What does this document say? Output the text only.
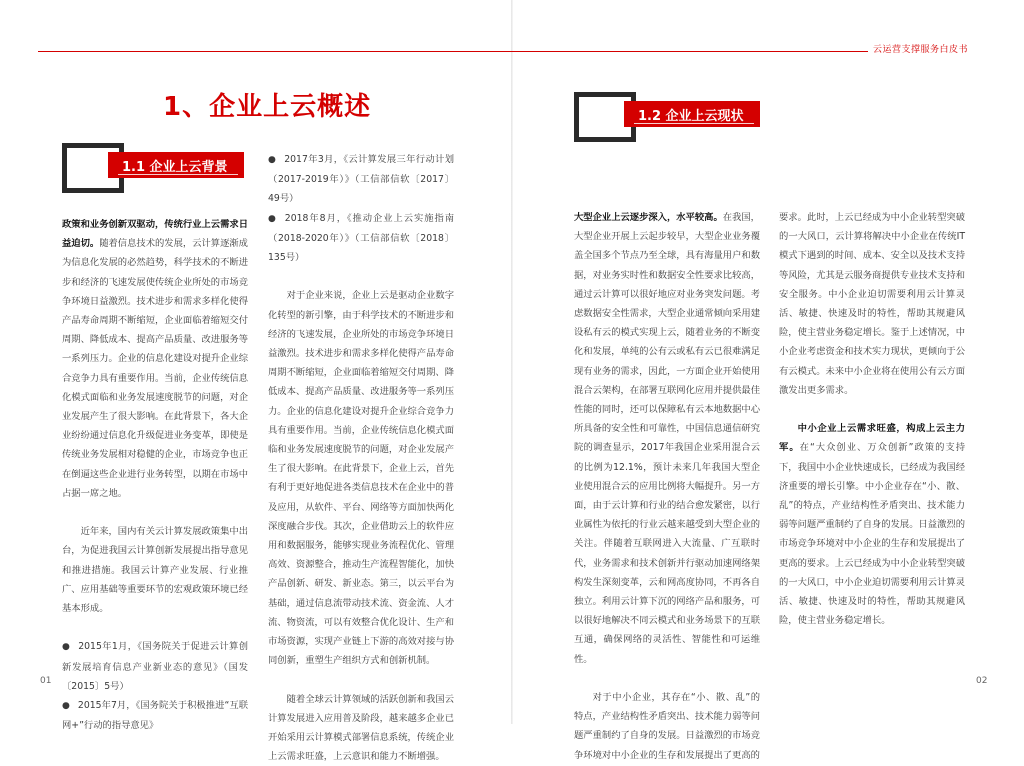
云运营支撑服务白皮书
1、企业上云概述
1.1 企业上云背景

政策和业务创新双驱动，传统行业上云需求日益迫切。随着信息技术的发展，云计算逐渐成为信息化发展的必然趋势，科学技术的不断进步和经济的飞速发展使传统企业所处的市场竞争环境日益激烈。技术进步和需求多样化使得产品寿命周期不断缩短，企业面临着缩短交付周期、降低成本、提高产品质量、改进服务等一系列压力。企业的信息化建设对提升企业综合竞争力具有重要作用。当前，企业传统信息化模式面临和业务发展速度脱节的问题，对企业发展产生了很大影响。在此背景下，各大企业纷纷通过信息化升级促进业务变革，即使是传统业务发展相对稳健的企业，市场竞争也正在倒逼这些企业进行业务转型，以期在市场中占据一席之地。

近年来，国内有关云计算发展政策集中出台，为促进我国云计算创新发展提出指导意见和推进措施。我国云计算产业发展、行业推广、应用基础等重要环节的宏观政策环境已经基本形成。

● 2015年1月，《国务院关于促进云计算创新发展培育信息产业新业态的意见》（国发〔2015〕5号）
● 2015年7月，《国务院关于积极推进“互联网+”行动的指导意见》
● 2017年3月，《云计算发展三年行动计划（2017-2019年）》（工信部信软〔2017〕49号）
● 2018年8月，《推动企业上云实施指南（2018-2020年）》（工信部信软〔2018〕135号）

对于企业来说，企业上云是驱动企业数字化转型的新引擎，由于科学技术的不断进步和经济的飞速发展，企业所处的市场竞争环境日益激烈。技术进步和需求多样化使得产品寿命周期不断缩短，企业面临着缩短交付周期、降低成本、提高产品质量、改进服务等一系列压力。企业的信息化建设对提升企业综合竞争力具有重要作用。当前，企业传统信息化模式面临和业务发展速度脱节的问题，对企业发展产生了很大影响。在此背景下，企业上云，首先有利于更好地促进各类信息技术在企业中的普及应用，从软件、平台、网络等方面加快两化深度融合步伐。其次，企业借助云上的软件应用和数据服务，能够实现业务流程优化、管理高效、资源整合，推动生产流程智能化，加快产品创新、研发、新业态。第三，以云平台为基础，通过信息流带动技术流、资金流、人才流、物资流，可以有效整合优化设计、生产和市场资源，实现产业链上下游的高效对接与协同创新，重塑生产组织方式和创新机制。

随着全球云计算领域的活跃创新和我国云计算发展进入应用普及阶段，越来越多企业已开始采用云计算模式部署信息系统，传统企业上云需求旺盛，上云意识和能力不断增强。

01
1.2 企业上云现状

大型企业上云逐步深入，水平较高。在我国，大型企业开展上云起步较早，大型企业业务覆盖全国多个节点乃至全球，具有海量用户和数据，对业务实时性和数据安全性要求比较高，通过云计算可以很好地应对业务突发问题。考虑数据安全性需求，大型企业通常倾向采用建设私有云的模式实现上云，随着业务的不断变化和发展，单纯的公有云或私有云已很难满足现有业务的需求，因此，一方面企业开始使用混合云架构，在部署互联网化应用并提供最佳性能的同时，还可以保障私有云本地数据中心所具备的安全性和可靠性，中国信息通信研究院的调查显示，2017年我国企业采用混合云的比例为12.1%，预计未来几年我国大型企业使用混合云的应用比例将大幅提升。另一方面，由于云计算和行业的结合愈发紧密，以行业属性为依托的行业云越来越受到大型企业的关注。伴随着互联网进入大流量、广互联时代，业务需求和技术创新并行驱动加速网络架构发生深刻变革，云和网高度协同，不再各自独立。利用云计算下沉的网络产品和服务，可以很好地解决不同云模式和业务场景下的互联互通，确保网络的灵活性、智能性和可运维性。

对于中小企业，其存在“小、散、乱”的特点，产业结构性矛盾突出、技术能力弱等问题严重制约了自身的发展。日益激烈的市场竞争环境对中小企业的生存和发展提出了更高的

要求。此时，上云已经成为中小企业转型突破的一大风口，云计算将解决中小企业在传统IT模式下遇到的时间、成本、安全以及技术支持等风险，尤其是云服务商提供专业技术支持和安全服务。中小企业迫切需要利用云计算灵活、敏捷、快速及时的特性，帮助其规避风险，使主营业务稳定增长。鉴于上述情况，中小企业考虑资金和技术实力现状，更倾向于公有云模式。未来中小企业将在使用公有云方面激发出更多需求。

中小企业上云需求旺盛，构成上云主力军。在“大众创业、万众创新”政策的支持下，我国中小企业快速成长，已经成为我国经济重要的增长引擎。中小企业存在“小、散、乱”的特点，产业结构性矛盾突出、技术能力弱等问题严重制约了自身的发展。日益激烈的市场竞争环境对中小企业的生存和发展提出了更高的要求。上云已经成为中小企业转型突破的一大风口，中小企业迫切需要利用云计算灵活、敏捷、快速及时的特性，帮助其规避风险，使主营业务稳定增长。

02
